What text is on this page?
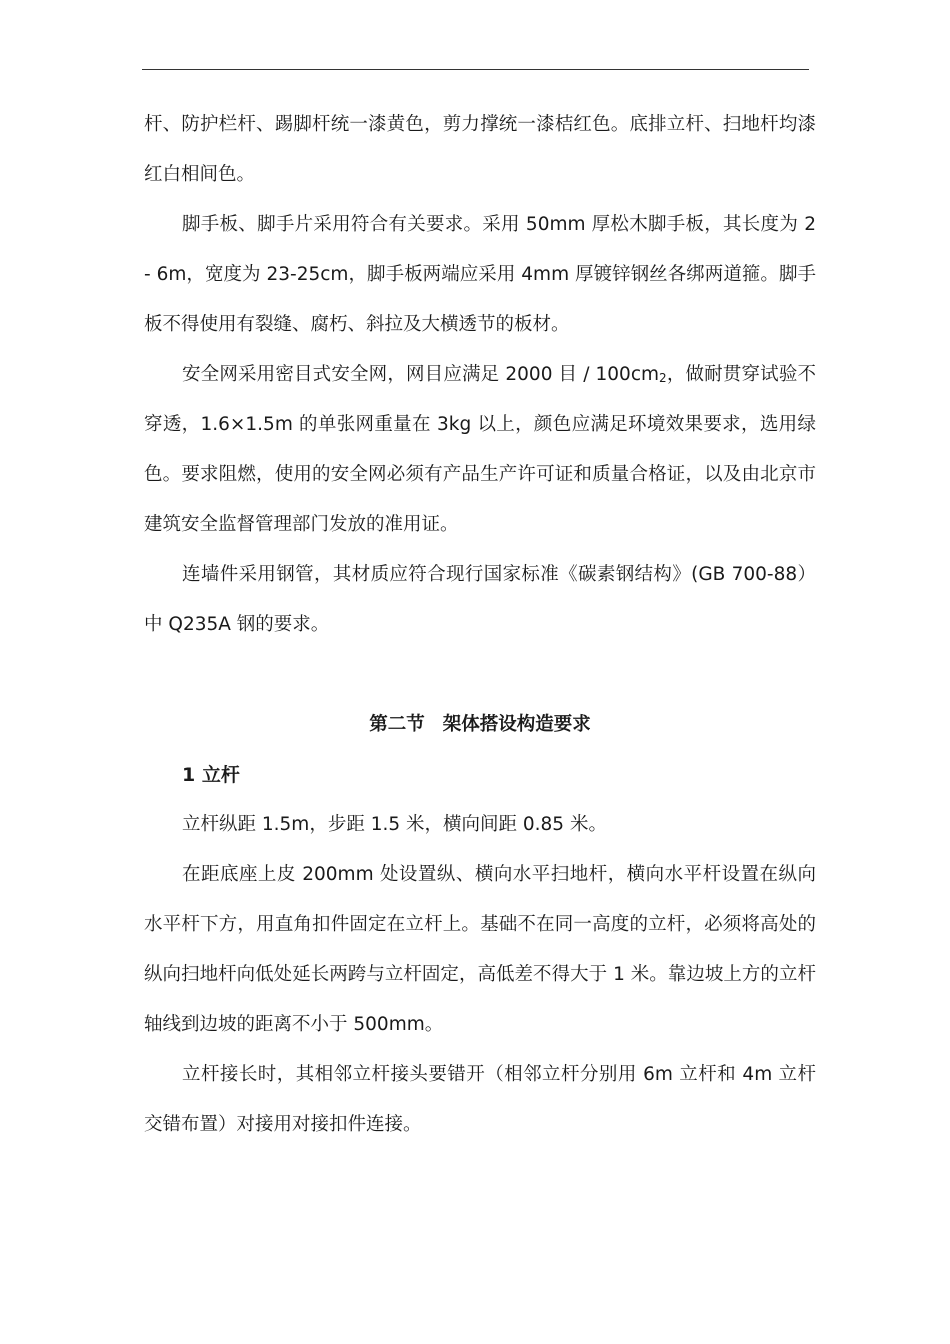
杆、防护栏杆、踢脚杆统一漆黄色，剪力撑统一漆桔红色。底排立杆、扫地杆均漆红白相间色。

脚手板、脚手片采用符合有关要求。采用 50mm 厚松木脚手板，其长度为 2 - 6m，宽度为 23-25cm，脚手板两端应采用 4mm 厚镀锌钢丝各绑两道箍。脚手板不得使用有裂缝、腐朽、斜拉及大横透节的板材。

安全网采用密目式安全网，网目应满足 2000 目 / $100cm_2$，做耐贯穿试验不穿透，1.6×1.5m 的单张网重量在 3kg 以上，颜色应满足环境效果要求，选用绿色。要求阻燃，使用的安全网必须有产品生产许可证和质量合格证，以及由北京市建筑安全监督管理部门发放的准用证。

连墙件采用钢管，其材质应符合现行国家标准《碳素钢结构》(GB 700-88）中 Q235A 钢的要求。

第二节 架体搭设构造要求

1 立杆

立杆纵距 1.5m，步距 1.5 米，横向间距 0.85 米。

在距底座上皮 200mm 处设置纵、横向水平扫地杆，横向水平杆设置在纵向水平杆下方，用直角扣件固定在立杆上。基础不在同一高度的立杆，必须将高处的纵向扫地杆向低处延长两跨与立杆固定，高低差不得大于 1 米。靠边坡上方的立杆轴线到边坡的距离不小于 500mm。

立杆接长时，其相邻立杆接头要错开（相邻立杆分别用 6m 立杆和 4m 立杆交错布置）对接用对接扣件连接。
